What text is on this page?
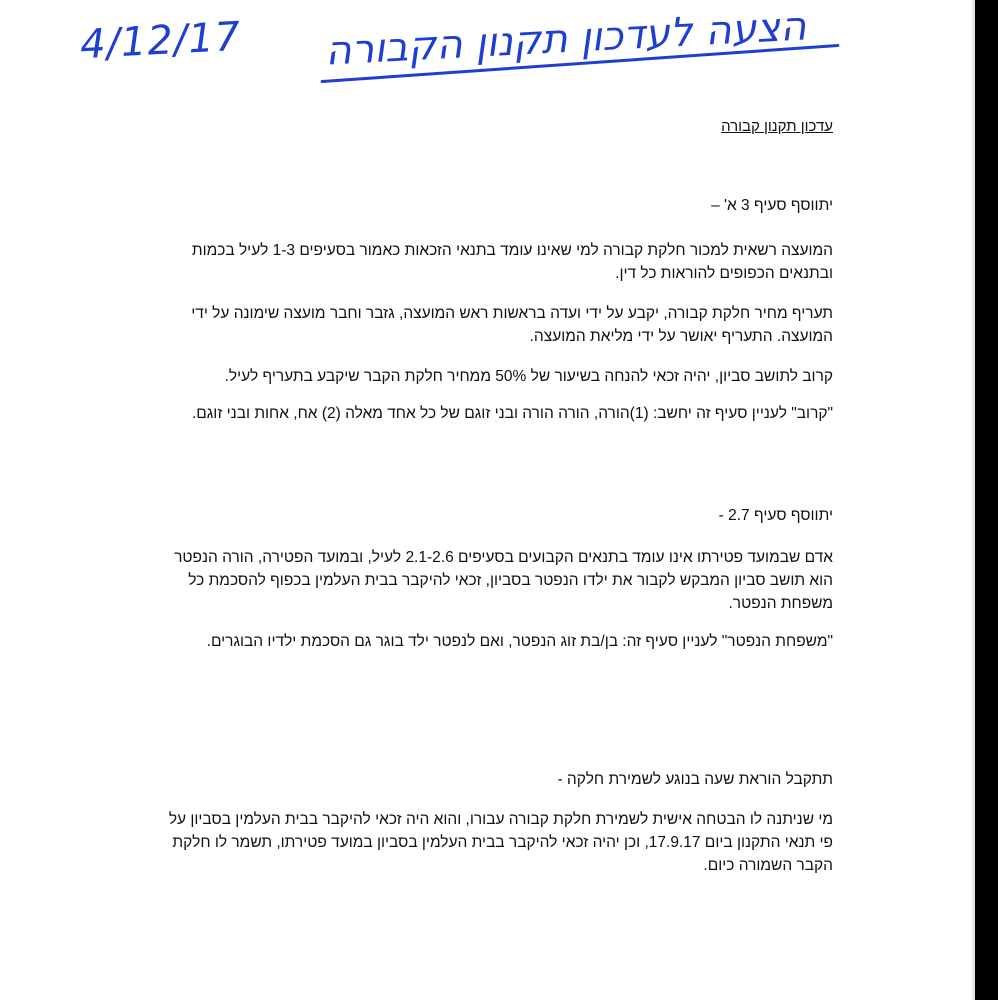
4/12/17 הצעה לעדכון תקנון הקבורה
עדכון תקנון קבורה
יתווסף סעיף 3 א' –

המועצה רשאית למכור חלקת קבורה למי שאינו עומד בתנאי הזכאות כאמור בסעיפים 1-3 לעיל בכמות ובתנאים הכפופים להוראות כל דין.

תעריף מחיר חלקת קבורה, יקבע על ידי ועדה בראשות ראש המועצה, גזבר וחבר מועצה שימונה על ידי המועצה. התעריף יאושר על ידי מליאת המועצה.

קרוב לתושב סביון, יהיה זכאי להנחה בשיעור של 50% ממחיר חלקת הקבר שיקבע בתעריף לעיל.

"קרוב" לעניין סעיף זה יחשב: (1)הורה, הורה הורה ובני זוגם של כל אחד מאלה (2) אח, אחות ובני זוגם.

יתווסף סעיף 2.7 -

אדם שבמועד פטירתו אינו עומד בתנאים הקבועים בסעיפים 2.1-2.6 לעיל, ובמועד הפטירה, הורה הנפטר הוא תושב סביון המבקש לקבור את ילדו הנפטר בסביון, זכאי להיקבר בבית העלמין בכפוף להסכמת כל משפחת הנפטר.

"משפחת הנפטר" לעניין סעיף זה: בן/בת זוג הנפטר, ואם לנפטר ילד בוגר גם הסכמת ילדיו הבוגרים.

תתקבל הוראת שעה בנוגע לשמירת חלקה -

מי שניתנה לו הבטחה אישית לשמירת חלקת קבורה עבורו, והוא היה זכאי להיקבר בבית העלמין בסביון על פי תנאי התקנון ביום 17.9.17, וכן יהיה זכאי להיקבר בבית העלמין בסביון במועד פטירתו, תשמר לו חלקת הקבר השמורה כיום.
